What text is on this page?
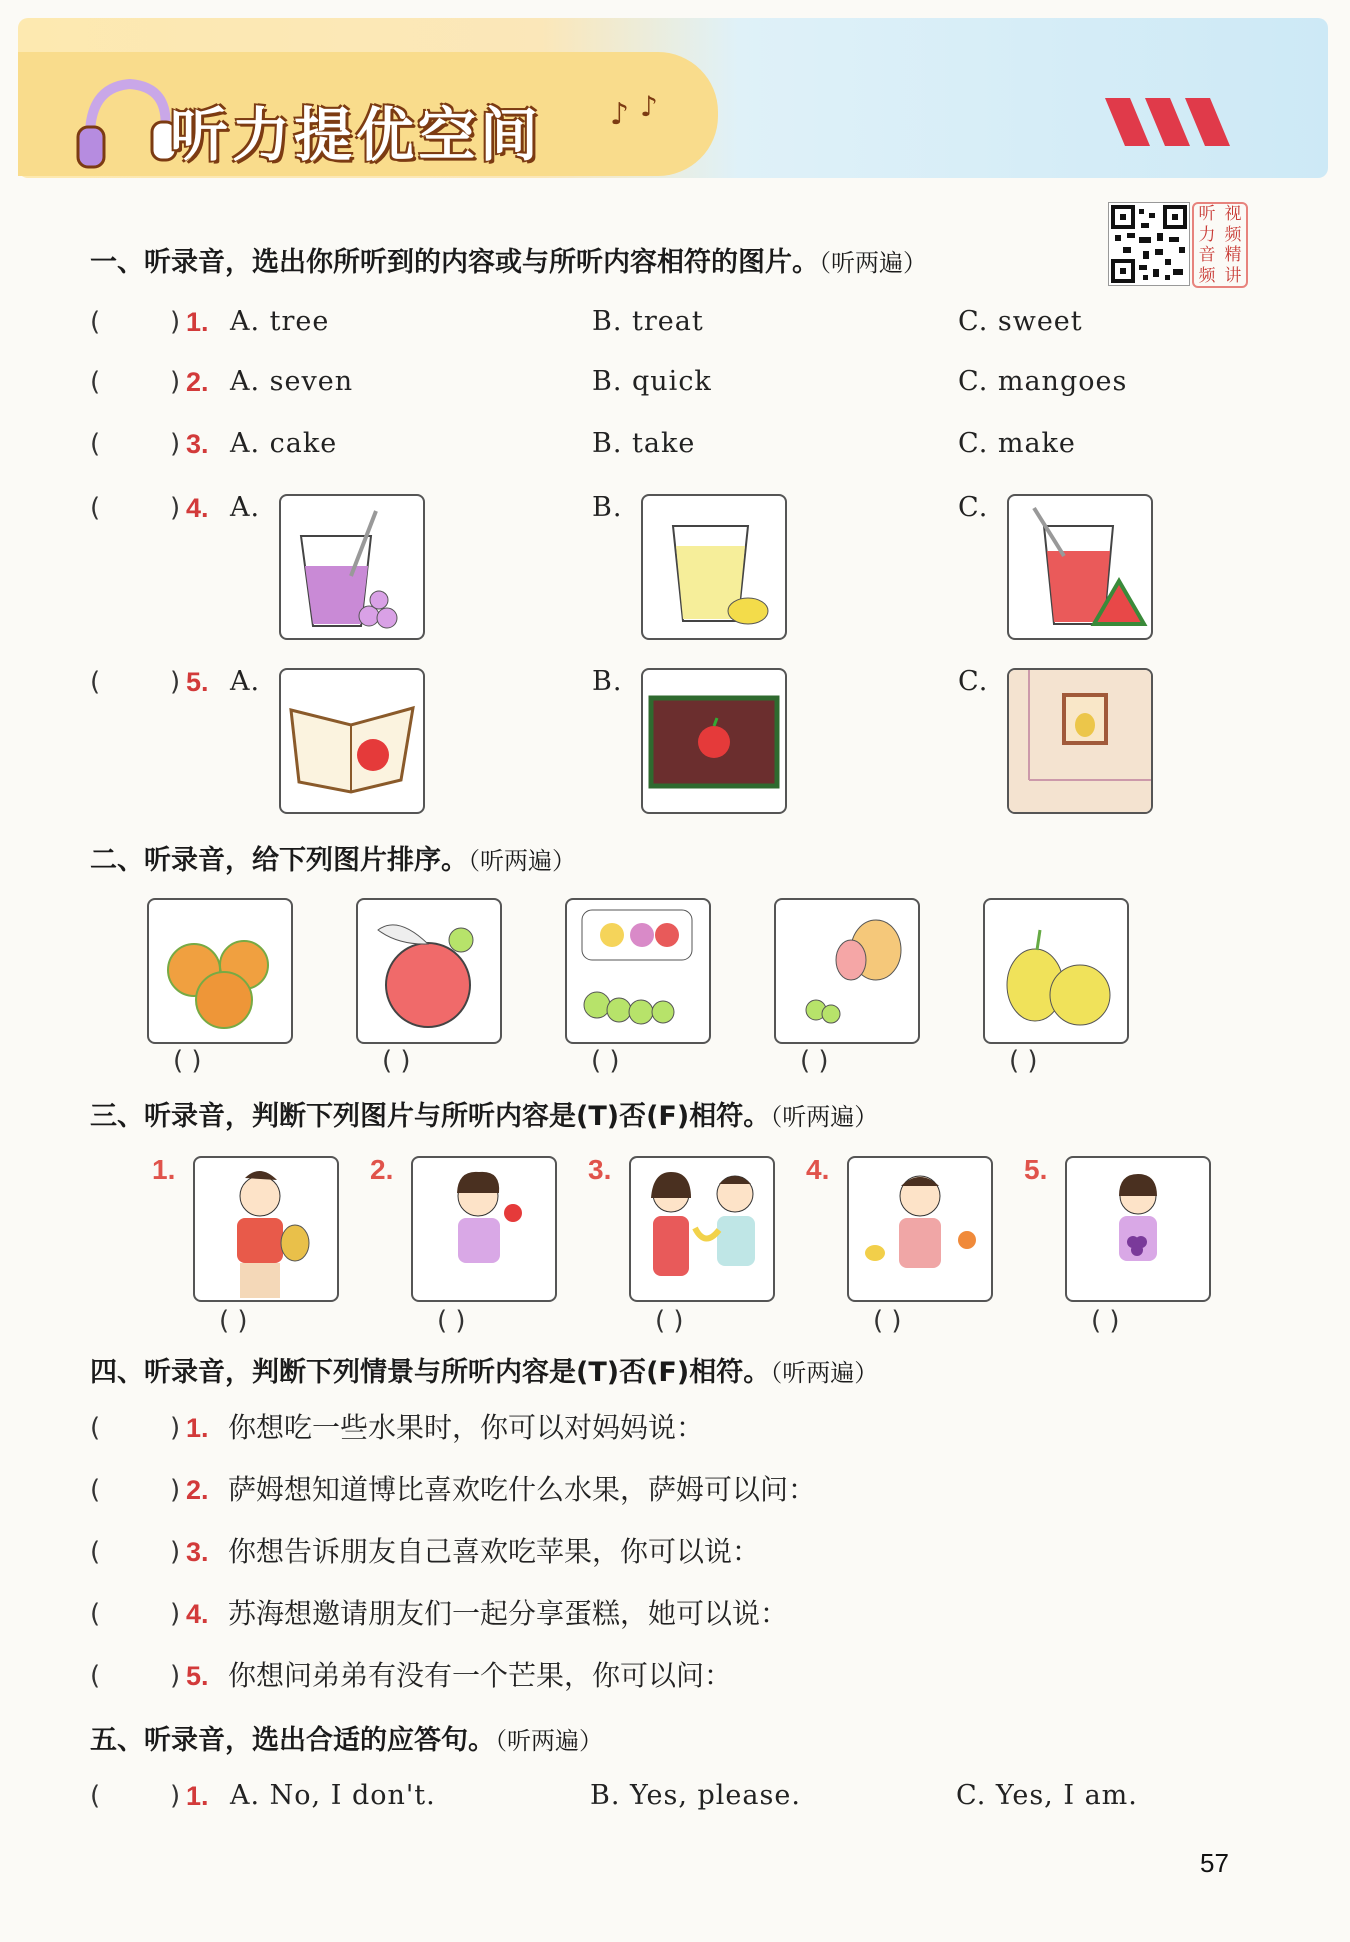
听力提优空间 ♪ ♪
听 视
力 频
音 精
频 讲
一、听录音，选出你所听到的内容或与所听内容相符的图片。（听两遍）
(	) 1. A. tree	B. treat	C. sweet
(	) 2. A. seven	B. quick	C. mangoes
(	) 3. A. cake	B. take	C. make
(	) 4. A.	B.	C.
(	) 5. A.	B.	C.
二、听录音，给下列图片排序。（听两遍）
( )	( )	( )	( )	( )
三、听录音，判断下列图片与所听内容是(T)否(F)相符。（听两遍）
1.	2.	3.	4.	5.
( )	( )	( )	( )	( )
四、听录音，判断下列情景与所听内容是(T)否(F)相符。（听两遍）
(	) 1. 你想吃一些水果时，你可以对妈妈说：
(	) 2. 萨姆想知道博比喜欢吃什么水果，萨姆可以问：
(	) 3. 你想告诉朋友自己喜欢吃苹果，你可以说：
(	) 4. 苏海想邀请朋友们一起分享蛋糕，她可以说：
(	) 5. 你想问弟弟有没有一个芒果，你可以问：
五、听录音，选出合适的应答句。（听两遍）
(	) 1. A. No, I don't.	B. Yes, please.	C. Yes, I am.
57
